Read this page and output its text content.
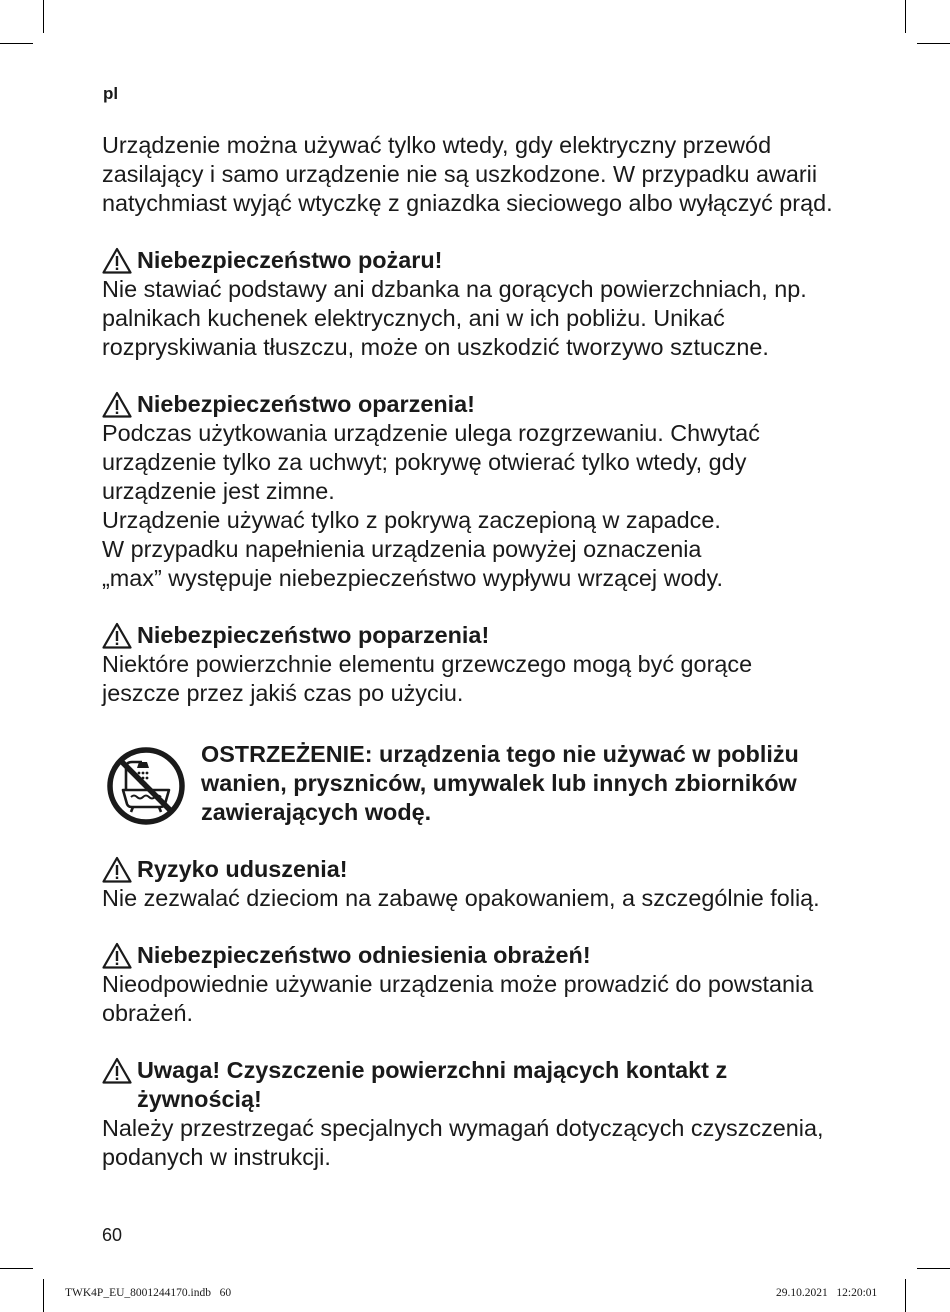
pl

Urządzenie można używać tylko wtedy, gdy elektryczny przewód zasilający i samo urządzenie nie są uszkodzone. W przypadku awarii natychmiast wyjąć wtyczkę z gniazdka sieciowego albo wyłączyć prąd.

Niebezpieczeństwo pożaru!

Nie stawiać podstawy ani dzbanka na gorących powierzchniach, np. palnikach kuchenek elektrycznych, ani w ich pobliżu. Unikać rozpryskiwania tłuszczu, może on uszkodzić tworzywo sztuczne.

Niebezpieczeństwo oparzenia!

Podczas użytkowania urządzenie ulega rozgrzewaniu. Chwytać urządzenie tylko za uchwyt; pokrywę otwierać tylko wtedy, gdy urządzenie jest zimne.

Urządzenie używać tylko z pokrywą zaczepioną w zapadce.

W przypadku napełnienia urządzenia powyżej oznaczenia „max” występuje niebezpieczeństwo wypływu wrzącej wody.

Niebezpieczeństwo poparzenia!

Niektóre powierzchnie elementu grzewczego mogą być gorące jeszcze przez jakiś czas po użyciu.

OSTRZEŻENIE: urządzenia tego nie używać w pobliżu wanien, pryszniców, umywalek lub innych zbiorników zawierających wodę.
Ryzyko uduszenia!

Nie zezwalać dzieciom na zabawę opakowaniem, a szczególnie folią.

Niebezpieczeństwo odniesienia obrażeń!

Nieodpowiednie używanie urządzenia może prowadzić do powstania obrażeń.

Uwaga! Czyszczenie powierzchni mających kontakt z żywnością!

Należy przestrzegać specjalnych wymagań dotyczących czyszczenia, podanych w instrukcji.

60
TWK4P_EU_8001244170.indb   60	29.10.2021   12:20:01
